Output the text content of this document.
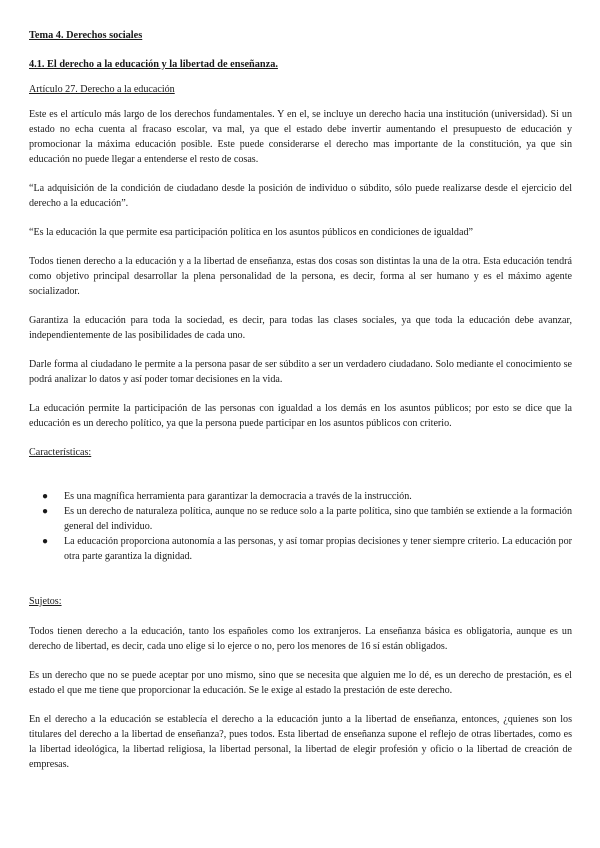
Tema 4. Derechos sociales
4.1. El derecho a la educación y la libertad de enseñanza.
Artículo 27. Derecho a la educación

Este es el artículo más largo de los derechos fundamentales. Y en el, se incluye un derecho hacia una institución (universidad). Si un estado no echa cuenta al fracaso escolar, va mal, ya que el estado debe invertir aumentando el presupuesto de educación y promocionar la máxima educación posible. Este puede considerarse el derecho mas importante de la constitución, ya que sin educación no puede llegar a entenderse el resto de cosas.

“La adquisición de la condición de ciudadano desde la posición de individuo o súbdito, sólo puede realizarse desde el ejercicio del derecho a la educación”.

“Es la educación la que permite esa participación política en los asuntos públicos en condiciones de igualdad”

Todos tienen derecho a la educación y a la libertad de enseñanza, estas dos cosas son distintas la una de la otra. Esta educación tendrá como objetivo principal desarrollar la plena personalidad de la persona, es decir, forma al ser humano y es el máximo agente socializador.

Garantiza la educación para toda la sociedad, es decir, para todas las clases sociales, ya que toda la educación debe avanzar, independientemente de las posibilidades de cada uno.

Darle forma al ciudadano le permite a la persona pasar de ser súbdito a ser un verdadero ciudadano. Solo mediante el conocimiento se podrá analizar lo datos y así poder tomar decisiones en la vida.

La educación permite la participación de las personas con igualdad a los demás en los asuntos públicos; por esto se dice que la educación es un derecho político, ya que la persona puede participar en los asuntos públicos con criterio.

Características:
● Es una magnífica herramienta para garantizar la democracia a través de la instrucción.
● Es un derecho de naturaleza política, aunque no se reduce solo a la parte política, sino que también se extiende a la formación general del individuo.
● La educación proporciona autonomía a las personas, y así tomar propias decisiones y tener siempre criterio. La educación por otra parte garantiza la dignidad.
Sujetos:

Todos tienen derecho a la educación, tanto los españoles como los extranjeros. La enseñanza básica es obligatoria, aunque es un derecho de libertad, es decir, cada uno elige si lo ejerce o no, pero los menores de 16 sí están obligados.

Es un derecho que no se puede aceptar por uno mismo, sino que se necesita que alguien me lo dé, es un derecho de prestación, es el estado el que me tiene que proporcionar la educación. Se le exige al estado la prestación de este derecho.

En el derecho a la educación se establecía el derecho a la educación junto a la libertad de enseñanza, entonces, ¿quienes son los titulares del derecho a la libertad de enseñanza?, pues todos. Esta libertad de enseñanza supone el reflejo de otras libertades, como es la libertad ideológica, la libertad religiosa, la libertad personal, la libertad de elegir profesión y oficio o la libertad de creación de empresas.
